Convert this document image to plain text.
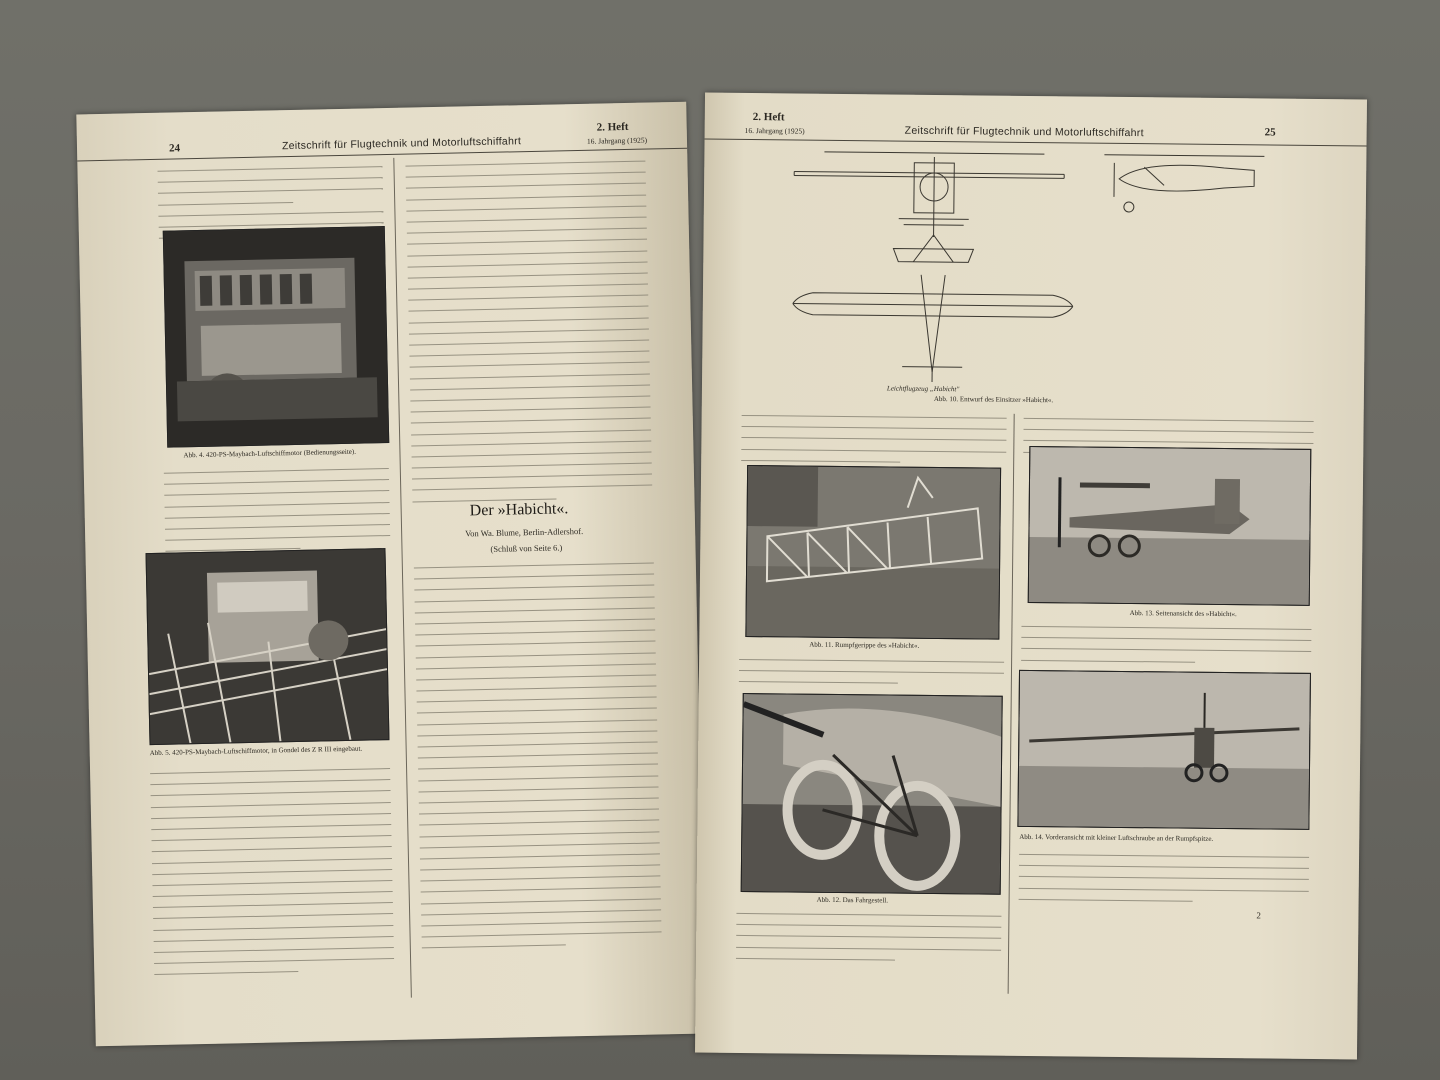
24	Zeitschrift für Flugtechnik und Motorluftschiffahrt
2. Heft
16. Jahrgang (1925)
Abb. 4. 420-PS-Maybach-Luftschiffmotor (Bedienungsseite).
Abb. 5. 420-PS-Maybach-Luftschiffmotor, in Gondel des Z R III eingebaut.
Der »Habicht«.
Von Wa. Blume, Berlin-Adlershof.
(Schluß von Seite 6.)
2. Heft
16. Jahrgang (1925)	Zeitschrift für Flugtechnik und Motorluftschiffahrt	25
Leichtflugzeug „Habicht"
Abb. 10. Entwurf des Einsitzer »Habicht«.
Abb. 11. Rumpfgerippe des »Habicht«.
Abb. 12. Das Fahrgestell.
Abb. 13. Seitenansicht des »Habicht«.
Abb. 14. Vorderansicht mit kleiner Luftschraube an der Rumpfspitze.
2
